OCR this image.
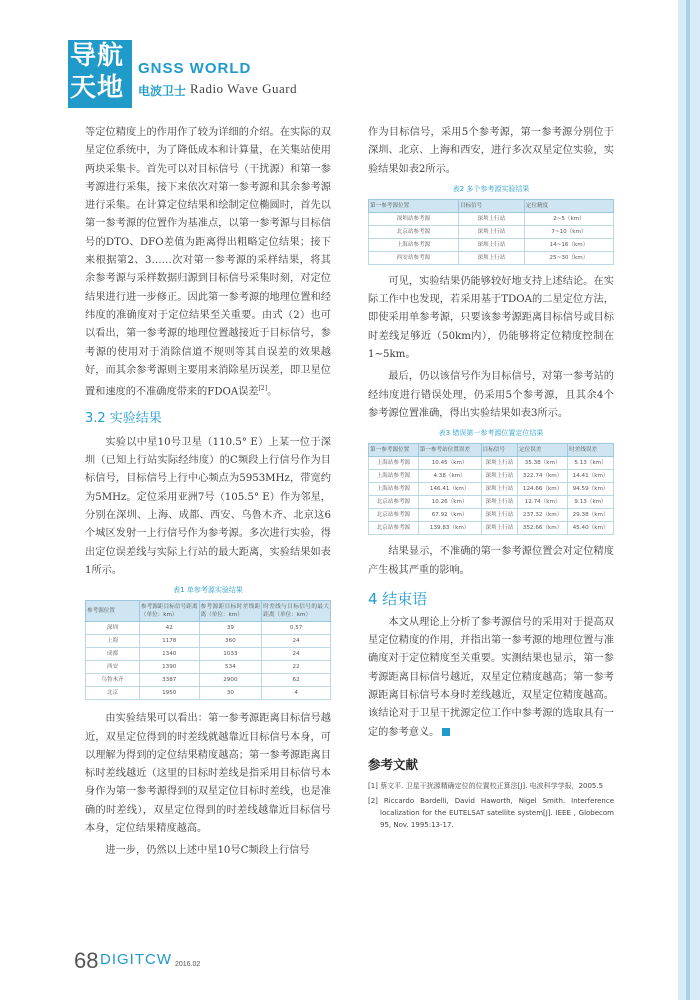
导航
天地
GNSS WORLD
电波卫士 Radio Wave Guard

等定位精度上的作用作了较为详细的介绍。在实际的双星定位系统中，为了降低成本和计算量，在关集站使用两块采集卡。首先可以对目标信号（干扰源）和第一参考源进行采集，接下来依次对第一参考源和其余参考源进行采集。在计算定位结果和绘制定位椭圆时，首先以第一参考源的位置作为基准点，以第一参考源与目标信号的DTO、DFO差值为距离得出粗略定位结果；接下来根据第2、3……次对第一参考源的采样结果，将其余参考源与采样数据归源到目标信号采集时刻，对定位结果进行进一步修正。因此第一参考源的地理位置和经纬度的准确度对于定位结果至关重要。由式（2）也可以看出，第一参考源的地理位置越接近于目标信号，参考源的使用对于消除信道不规则等其自误差的效果越好，而其余参考源则主要用来消除星历误差，即卫星位置和速度的不准确度带来的FDOA误差[2]。

3.2 实验结果

实验以中星10号卫星（110.5° E）上某一位于深圳（已知上行站实际经纬度）的C频段上行信号作为目标信号，目标信号上行中心频点为5953MHz，带宽约为5MHz。定位采用亚洲7号（105.5° E）作为邻星，分别在深圳、上海、成都、西安、乌鲁木齐、北京这6个城区发射一上行信号作为参考源。多次进行实验，得出定位误差线与实际上行站的最大距离，实验结果如表1所示。

表1 单参考源实验结果
参考源位置	参考源距目标信号距离（单位：km）	参考源距目标时差线距离（单位：km）	时差线与目标信号的最大距离（单位：km）
深圳	42	39	0.57
上海	1178	360	24
成都	1340	1033	24
西安	1390	534	22
乌鲁木齐	3387	2900	62
北京	1950	30	4

由实验结果可以看出：第一参考源距离目标信号越近，双星定位得到的时差线就越靠近目标信号本身，可以理解为得到的定位结果精度越高；第一参考源距离目标时差线越近（这里的目标时差线是指采用目标信号本身作为第一参考源得到的双星定位目标时差线，也是准确的时差线），双星定位得到的时差线越靠近目标信号本身，定位结果精度越高。

进一步，仍然以上述中星10号C频段上行信号

作为目标信号，采用5个参考源，第一参考源分别位于深圳、北京、上海和西安，进行多次双星定位实验，实验结果如表2所示。

表2 多个参考源实验结果
第一参考源位置	目标信号	定位精度
深圳站参考源	深圳上行站	2~5（km）
北京站参考源	深圳上行站	7~10（km）
上海站参考源	深圳上行站	14~16（km）
西安站参考源	深圳上行站	25~30（km）

可见，实验结果仍能够较好地支持上述结论。在实际工作中也发现，若采用基于TDOA的二星定位方法，即使采用单参考源，只要该参考源距离目标信号或目标时差线足够近（50km内），仍能够将定位精度控制在1~5km。

最后，仍以该信号作为目标信号，对第一参考站的经纬度进行错误处理，仍采用5个参考源，且其余4个参考源位置准确，得出实验结果如表3所示。

表3 错误第一参考源位置定位结果
第一参考源位置	第一参考站位置误差	目标信号	定位误差	时差线误差
上海站参考源	10.45（km）	深圳上行站	35.38（km）	5.13（km）
上海站参考源	4.38（km）	深圳上行站	322.74（km）	14.41（km）
上海站参考源	146.41（km）	深圳上行站	124.66（km）	94.59（km）
北京站参考源	10.26（km）	深圳上行站	12.74（km）	9.13（km）
北京站参考源	67.92（km）	深圳上行站	237.32（km）	29.38（km）
北京站参考源	139.83（km）	深圳上行站	352.66（km）	45.40（km）

结果显示，不准确的第一参考源位置会对定位精度产生极其严重的影响。

4 结束语

本文从理论上分析了参考源信号的采用对于提高双星定位精度的作用，并指出第一参考源的地理位置与准确度对于定位精度至关重要。实测结果也显示，第一参考源距离目标信号越近，双星定位精度越高；第一参考源距离目标信号本身时差线越近，双星定位精度越高。该结论对于卫星干扰源定位工作中参考源的选取具有一定的参考意义。

参考文献
[1] 蔡文平. 卫星干扰源精确定位的位置校正算法[J]. 电波科学学报，2005.5
[2] Riccardo Bardelli, David Haworth, Nigel Smith. Interference localization for the EUTELSAT satellite system[J]. IEEE , Globecom 95, Nov. 1995:13-17.
68 DIGITCW 2016.02
